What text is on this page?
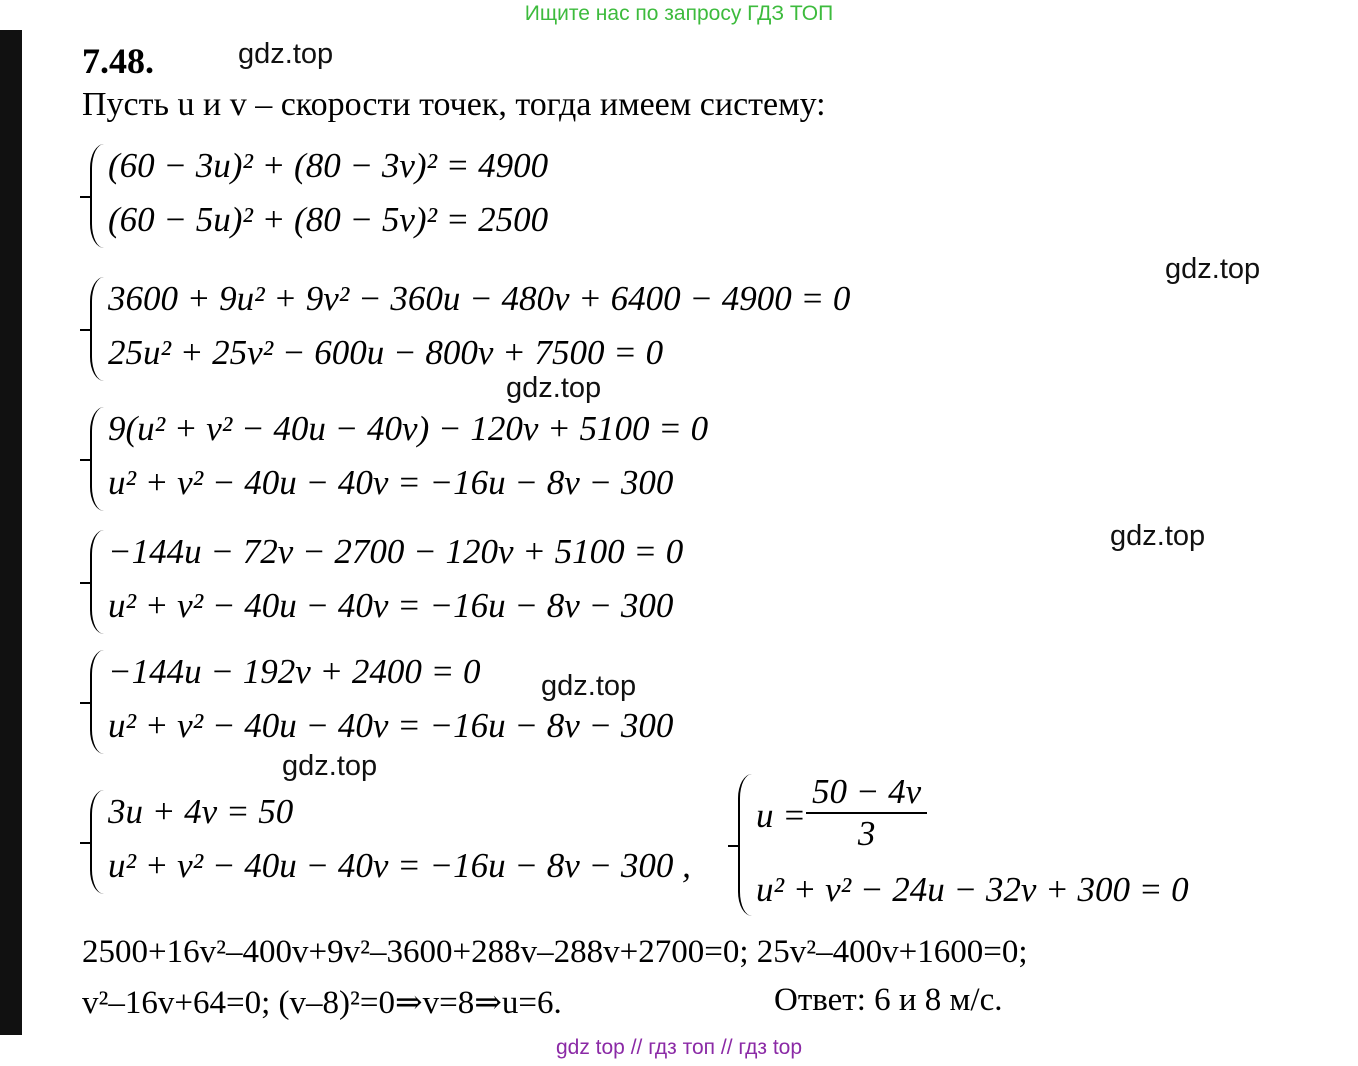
Ищите нас по запросу ГДЗ ТОП
7.48.	gdz.top
Пусть u и v – скорости точек, тогда имеем систему:
(60 − 3u)² + (80 − 3v)² = 4900
(60 − 5u)² + (80 − 5v)² = 2500
gdz.top
3600 + 9u² + 9v² − 360u − 480v + 6400 − 4900 = 0
25u² + 25v² − 600u − 800v + 7500 = 0
gdz.top
9(u² + v² − 40u − 40v) − 120v + 5100 = 0
u² + v² − 40u − 40v = −16u − 8v − 300
gdz.top
−144u − 72v − 2700 − 120v + 5100 = 0
u² + v² − 40u − 40v = −16u − 8v − 300
−144u − 192v + 2400 = 0
u² + v² − 40u − 40v = −16u − 8v − 300
gdz.top
gdz.top
3u + 4v = 50
u² + v² − 40u − 40v = −16u − 8v − 300 ,
$u = \frac{50 - 4v}{3}$
u² + v² − 24u − 32v + 300 = 0
2500+16v²–400v+9v²–3600+288v–288v+2700=0; 25v²–400v+1600=0;
v²–16v+64=0; (v–8)²=0⇒v=8⇒u=6.	Ответ: 6 и 8 м/с.
gdz top // гдз топ // гдз top
